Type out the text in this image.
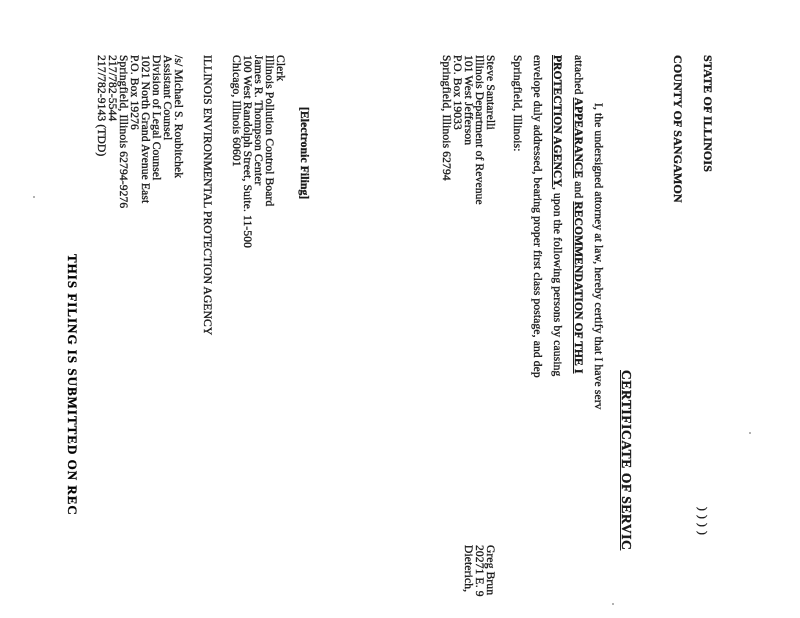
STATE OF ILLINOIS
COUNTY OF SANGAMON
)
)
)
)
CERTIFICATE OF SERVIC
I, the undersigned attorney at law, hereby certify that I have serv
attached APPEARANCE and RECOMMENDATION OF THE I
PROTECTION AGENCY, upon the following persons by causing
envelope duly addressed, bearing proper first class postage, and dep
Springfield, Illinois:
Steve Santarelli
Illinois Department of Revenue
101 West Jefferson
P.O. Box 19033
Springfield, Illinois 62794
Greg Brun
20271 E. 9
Dieterich,
[Electronic Filing]
Clerk
Illinois Pollution Control Board
James R. Thompson Center
100 West Randolph Street, Suite. 11-500
Chicago, Illinois 60601
ILLINOIS ENVIRONMENTAL PROTECTION AGENCY
/s/ Michael S. Roubitchek
Assistant Counsel
Division of Legal Counsel
1021 North Grand Avenue East
P.O. Box 19276
Springfield, Illinois 62794-9276
217/782-5544
217/782-9143 (TDD)
THIS FILING IS SUBMITTED ON REC
